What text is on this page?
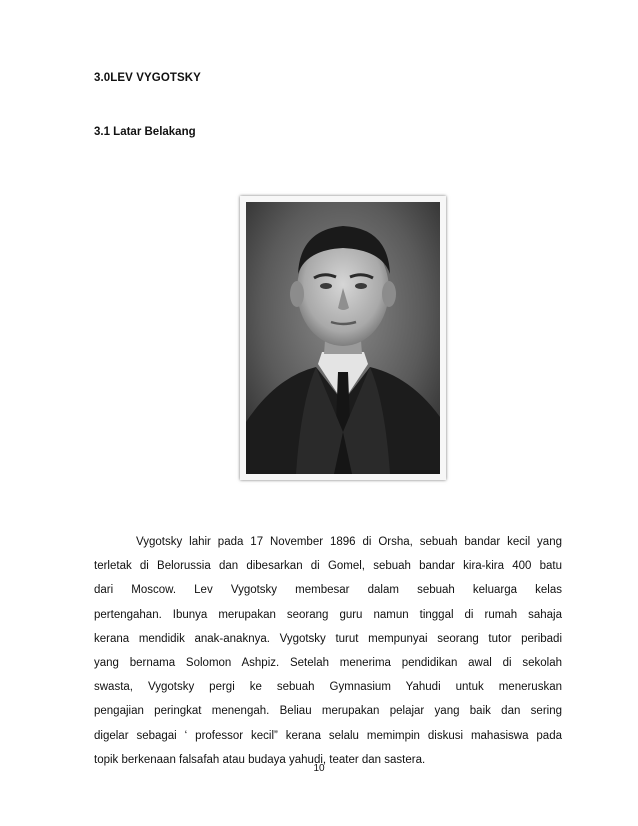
3.0LEV VYGOTSKY
3.1 Latar Belakang
Vygotsky lahir pada 17 November 1896 di Orsha, sebuah bandar kecil yang
terletak di Belorussia dan dibesarkan di Gomel, sebuah bandar kira-kira 400 batu
dari Moscow. Lev Vygotsky membesar dalam sebuah keluarga kelas
pertengahan. Ibunya merupakan seorang guru namun tinggal di rumah sahaja
kerana mendidik anak-anaknya. Vygotsky turut mempunyai seorang tutor peribadi
yang bernama Solomon Ashpiz. Setelah menerima pendidikan awal di sekolah
swasta, Vygotsky pergi ke sebuah Gymnasium Yahudi untuk meneruskan
pengajian peringkat menengah. Beliau merupakan pelajar yang baik dan sering
digelar sebagai ‘ professor kecil” kerana selalu memimpin diskusi mahasiswa pada
topik berkenaan falsafah atau budaya yahudi, teater dan sastera.
10
